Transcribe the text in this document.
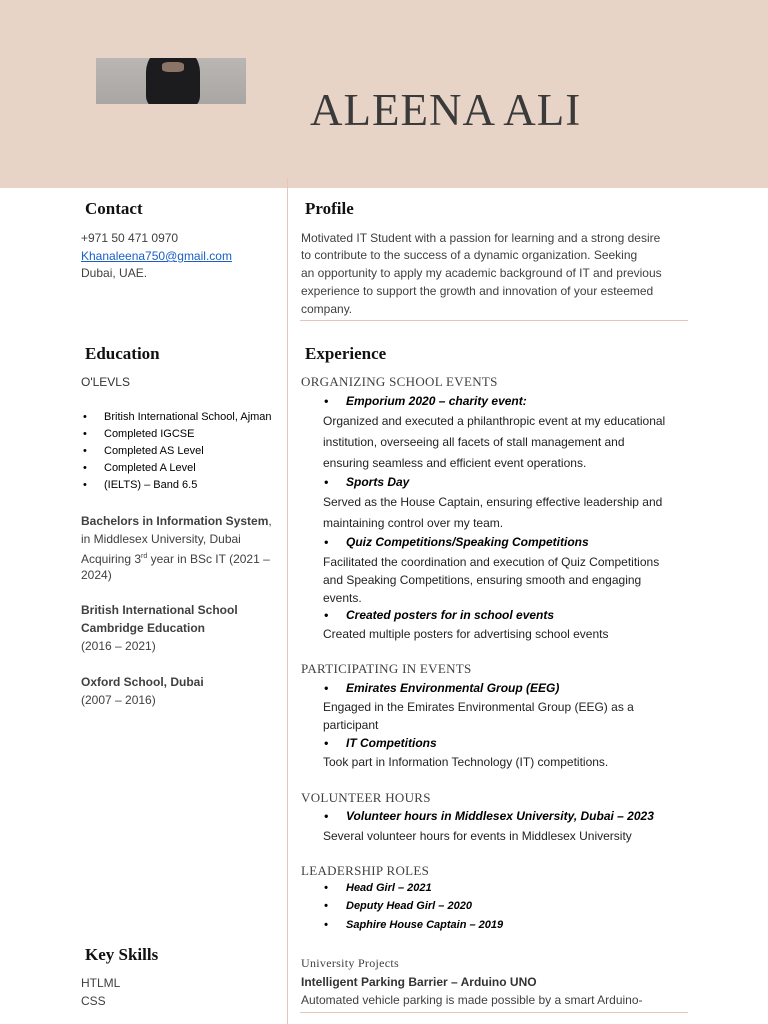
ALEENA ALI
Contact
+971 50 471 0970
Khanaleena750@gmail.com
Dubai, UAE.
Education
O'LEVLS
• British International School, Ajman
• Completed IGCSE
• Completed AS Level
• Completed A Level
• (IELTS) – Band 6.5
Bachelors in Information System,
in Middlesex University, Dubai
Acquiring 3rd year in BSc IT (2021 –
2024)
British International School
Cambridge Education
(2016 – 2021)
Oxford School, Dubai
(2007 – 2016)
Key Skills
HTLML
CSS
Profile
Motivated IT Student with a passion for learning and a strong desire
to contribute to the success of a dynamic organization. Seeking
an opportunity to apply my academic background of IT and previous
experience to support the growth and innovation of your esteemed
company.
Experience
ORGANIZING SCHOOL EVENTS
• Emporium 2020 – charity event:
Organized and executed a philanthropic event at my educational
institution, overseeing all facets of stall management and
ensuring seamless and efficient event operations.
• Sports Day
Served as the House Captain, ensuring effective leadership and
maintaining control over my team.
• Quiz Competitions/Speaking Competitions
Facilitated the coordination and execution of Quiz Competitions
and Speaking Competitions, ensuring smooth and engaging
events.
• Created posters for in school events
Created multiple posters for advertising school events
PARTICIPATING IN EVENTS
• Emirates Environmental Group (EEG)
Engaged in the Emirates Environmental Group (EEG) as a
participant
• IT Competitions
Took part in Information Technology (IT) competitions.
VOLUNTEER HOURS
• Volunteer hours in Middlesex University, Dubai – 2023
Several volunteer hours for events in Middlesex University
LEADERSHIP ROLES
• Head Girl – 2021
• Deputy Head Girl – 2020
• Saphire House Captain – 2019
University Projects
Intelligent Parking Barrier – Arduino UNO
Automated vehicle parking is made possible by a smart Arduino-
